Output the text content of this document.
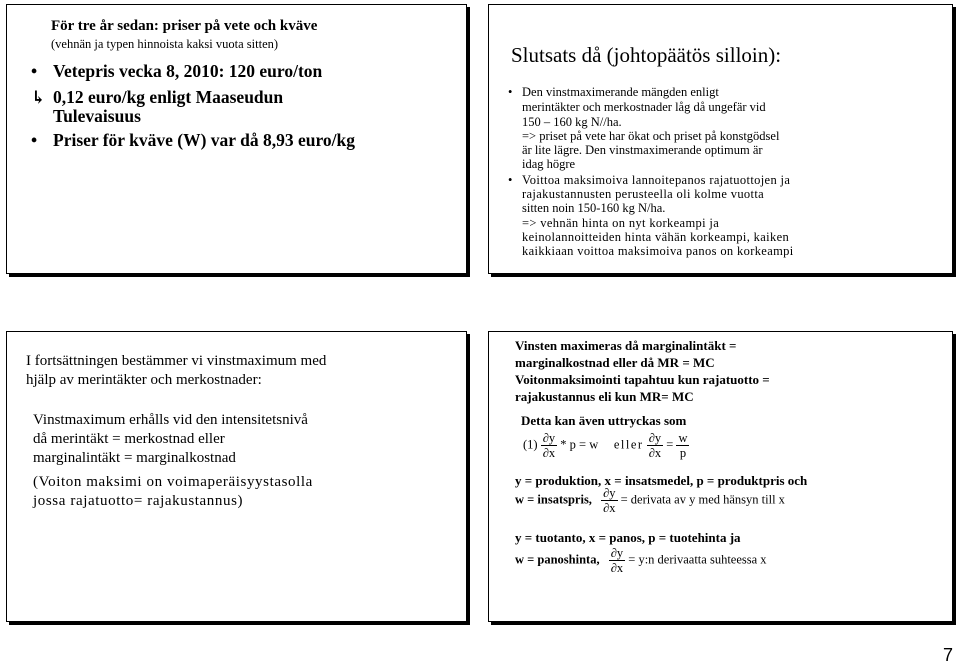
För tre år sedan: priser på vete och kväve
(vehnän ja typen hinnoista kaksi vuota sitten)
• Vetepris vecka 8, 2010: 120 euro/ton
↳ 0,12 euro/kg enligt Maaseudun
Tulevaisuus
• Priser för kväve (W) var då 8,93 euro/kg
Slutsats då (johtopäätös silloin):
• Den vinstmaximerande mängden enligt
merintäkter och merkostnader låg då ungefär vid
150 – 160 kg N//ha.
=> priset på vete har ökat och priset på konstgödsel
är lite lägre. Den vinstmaximerande optimum är
idag högre
• Voittoa maksimoiva lannoitepanos rajatuottojen ja
rajakustannusten perusteella oli kolme vuotta
sitten noin 150-160 kg N/ha.
=> vehnän hinta on nyt korkeampi ja
keinolannoitteiden hinta vähän korkeampi, kaiken
kaikkiaan voittoa maksimoiva panos on korkeampi
I fortsättningen bestämmer vi vinstmaximum med
hjälp av merintäkter och merkostnader:
Vinstmaximum erhålls vid den intensitetsnivå
då merintäkt = merkostnad eller
marginalintäkt = marginalkostnad
(Voiton maksimi on voimaperäisyystasolla
jossa rajatuotto= rajakustannus)
Vinsten maximeras då marginalintäkt =
marginalkostnad eller då MR = MC
Voitonmaksimointi tapahtuu kun rajatuotto =
rajakustannus eli kun MR= MC
Detta kan även uttryckas som
$(1) \frac{\partial y}{\partial x} * p = w$ eller $\frac{\partial y}{\partial x} = \frac{w}{p}$
y = produktion, x = insatsmedel, p = produktpris och
w = insatspris, $\frac{\partial y}{\partial x}$ = derivata av y med hänsyn till x
y = tuotanto, x = panos, p = tuotehinta ja
w = panoshinta, $\frac{\partial y}{\partial x}$ = y:n derivaatta suhteessa x
7
